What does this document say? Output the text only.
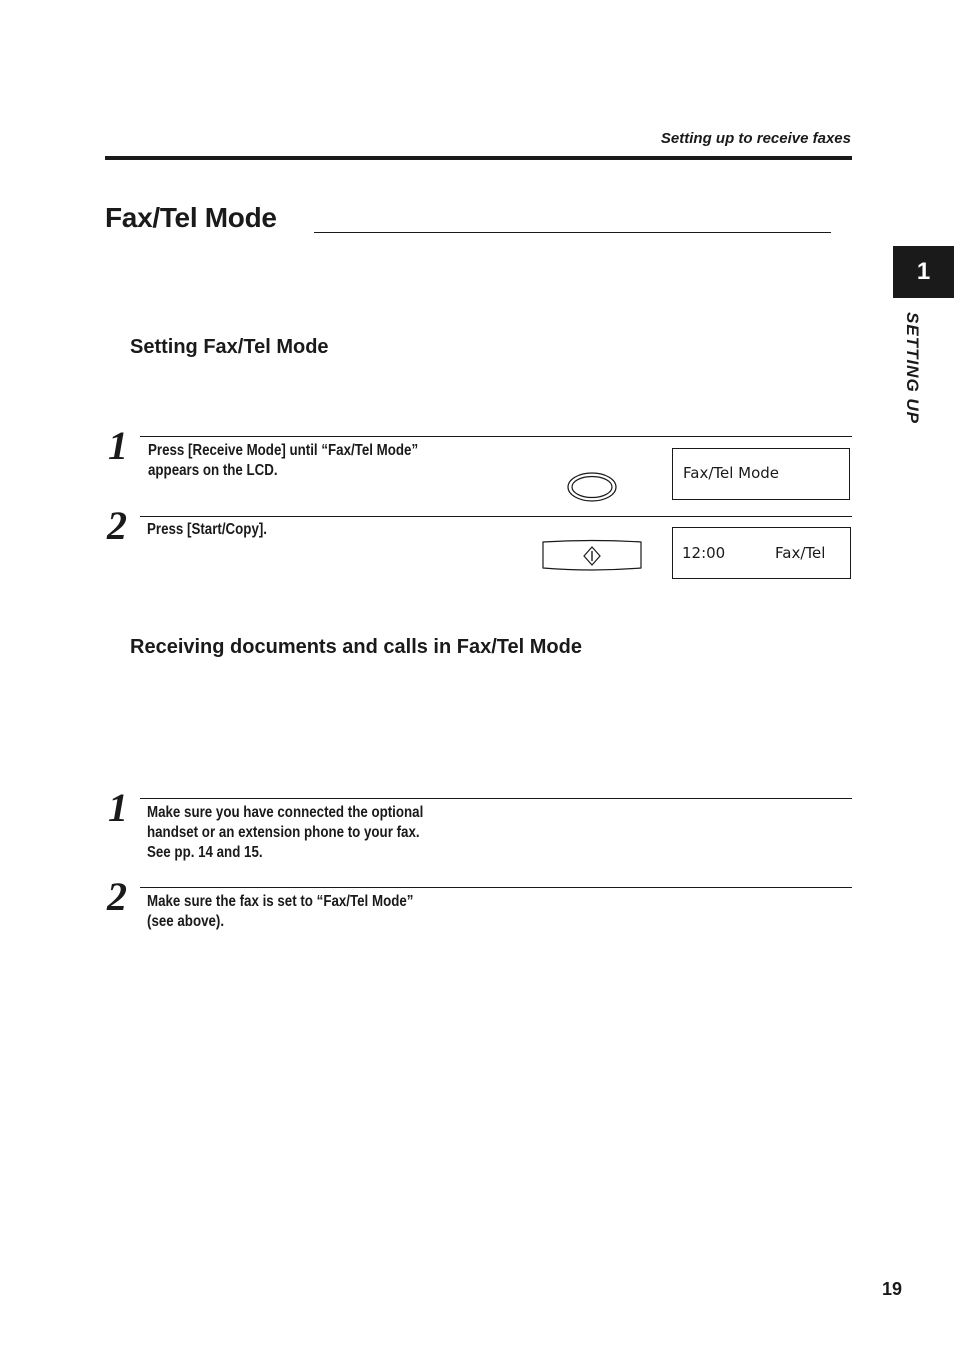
Setting up to receive faxes
Fax/Tel Mode
1
SETTING UP
Setting Fax/Tel Mode
1 Press [Receive Mode] until “Fax/Tel Mode”
appears on the LCD.	Fax/Tel Mode
2 Press [Start/Copy].
12:00	Fax/Tel
Receiving documents and calls in Fax/Tel Mode
1 Make sure you have connected the optional
handset or an extension phone to your fax.
See pp. 14 and 15.
2 Make sure the fax is set to “Fax/Tel Mode”
(see above).
19
